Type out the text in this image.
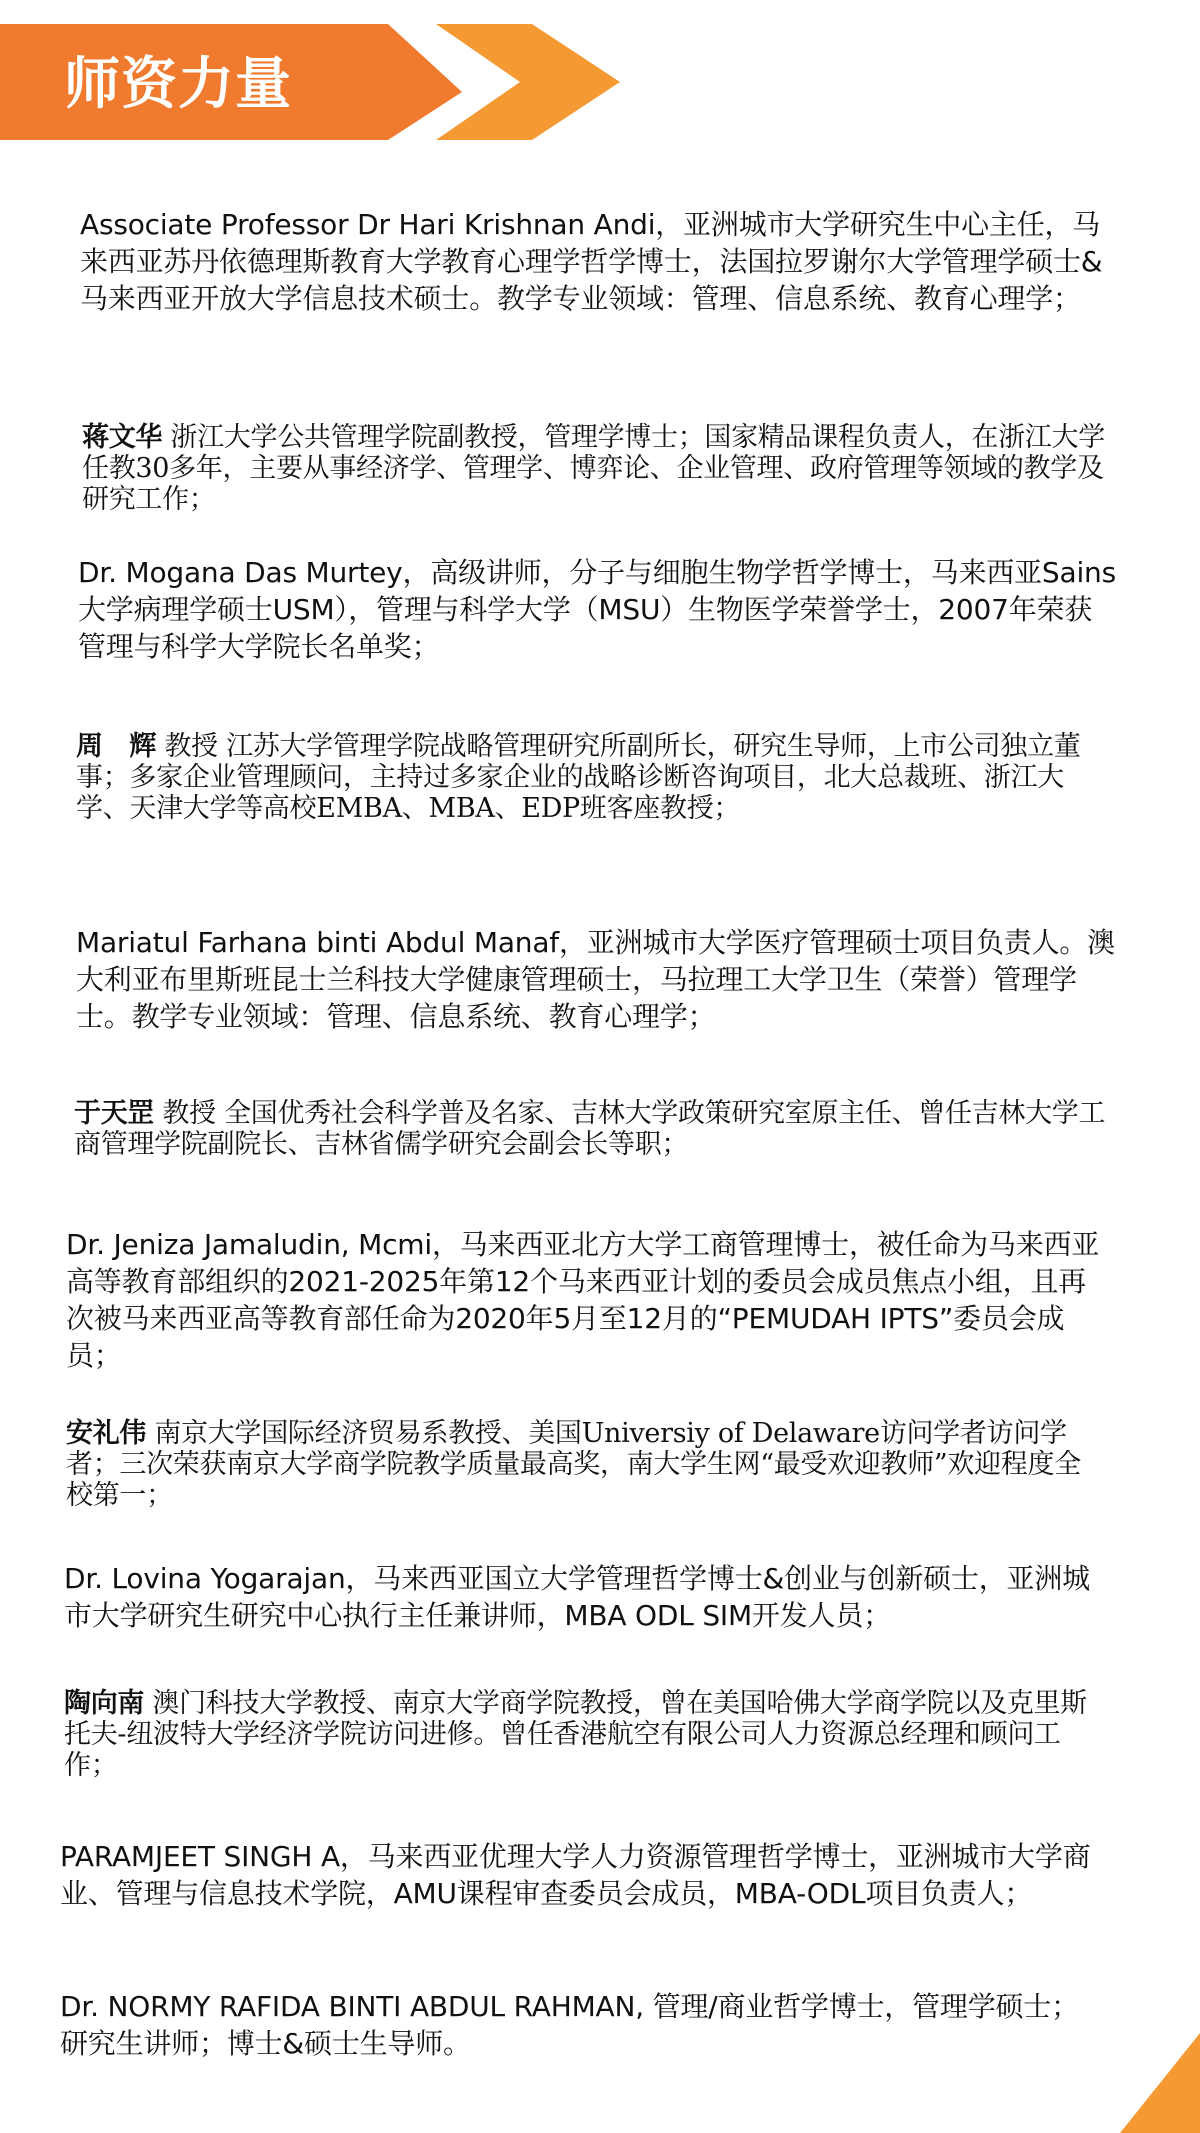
师资力量

Associate Professor Dr Hari Krishnan Andi，亚洲城市大学研究生中心主任，马来西亚苏丹依德理斯教育大学教育心理学哲学博士，法国拉罗谢尔大学管理学硕士&马来西亚开放大学信息技术硕士。教学专业领域：管理、信息系统、教育心理学；

蒋文华 浙江大学公共管理学院副教授，管理学博士；国家精品课程负责人，在浙江大学任教30多年，主要从事经济学、管理学、博弈论、企业管理、政府管理等领域的教学及研究工作；

Dr. Mogana Das Murtey，高级讲师，分子与细胞生物学哲学博士，马来西亚Sains大学病理学硕士USM），管理与科学大学（MSU）生物医学荣誉学士，2007年荣获管理与科学大学院长名单奖；

周　辉 教授 江苏大学管理学院战略管理研究所副所长，研究生导师，上市公司独立董事；多家企业管理顾问，主持过多家企业的战略诊断咨询项目，北大总裁班、浙江大学、天津大学等高校EMBA、MBA、EDP班客座教授；

Mariatul Farhana binti Abdul Manaf，亚洲城市大学医疗管理硕士项目负责人。澳大利亚布里斯班昆士兰科技大学健康管理硕士，马拉理工大学卫生（荣誉）管理学士。教学专业领域：管理、信息系统、教育心理学；

于天罡 教授 全国优秀社会科学普及名家、吉林大学政策研究室原主任、曾任吉林大学工商管理学院副院长、吉林省儒学研究会副会长等职；

Dr. Jeniza Jamaludin, Mcmi，马来西亚北方大学工商管理博士，被任命为马来西亚高等教育部组织的2021-2025年第12个马来西亚计划的委员会成员焦点小组，且再次被马来西亚高等教育部任命为2020年5月至12月的“PEMUDAH IPTS”委员会成员；

安礼伟 南京大学国际经济贸易系教授、美国Universiy of Delaware访问学者访问学者；三次荣获南京大学商学院教学质量最高奖，南大学生网“最受欢迎教师”欢迎程度全校第一；

Dr. Lovina Yogarajan，马来西亚国立大学管理哲学博士&创业与创新硕士，亚洲城市大学研究生研究中心执行主任兼讲师，MBA ODL SIM开发人员；

陶向南 澳门科技大学教授、南京大学商学院教授，曾在美国哈佛大学商学院以及克里斯托夫-纽波特大学经济学院访问进修。曾任香港航空有限公司人力资源总经理和顾问工作；

PARAMJEET SINGH A，马来西亚优理大学人力资源管理哲学博士，亚洲城市大学商业、管理与信息技术学院，AMU课程审查委员会成员，MBA-ODL项目负责人；

Dr. NORMY RAFIDA BINTI ABDUL RAHMAN, 管理/商业哲学博士，管理学硕士；研究生讲师；博士&硕士生导师。
